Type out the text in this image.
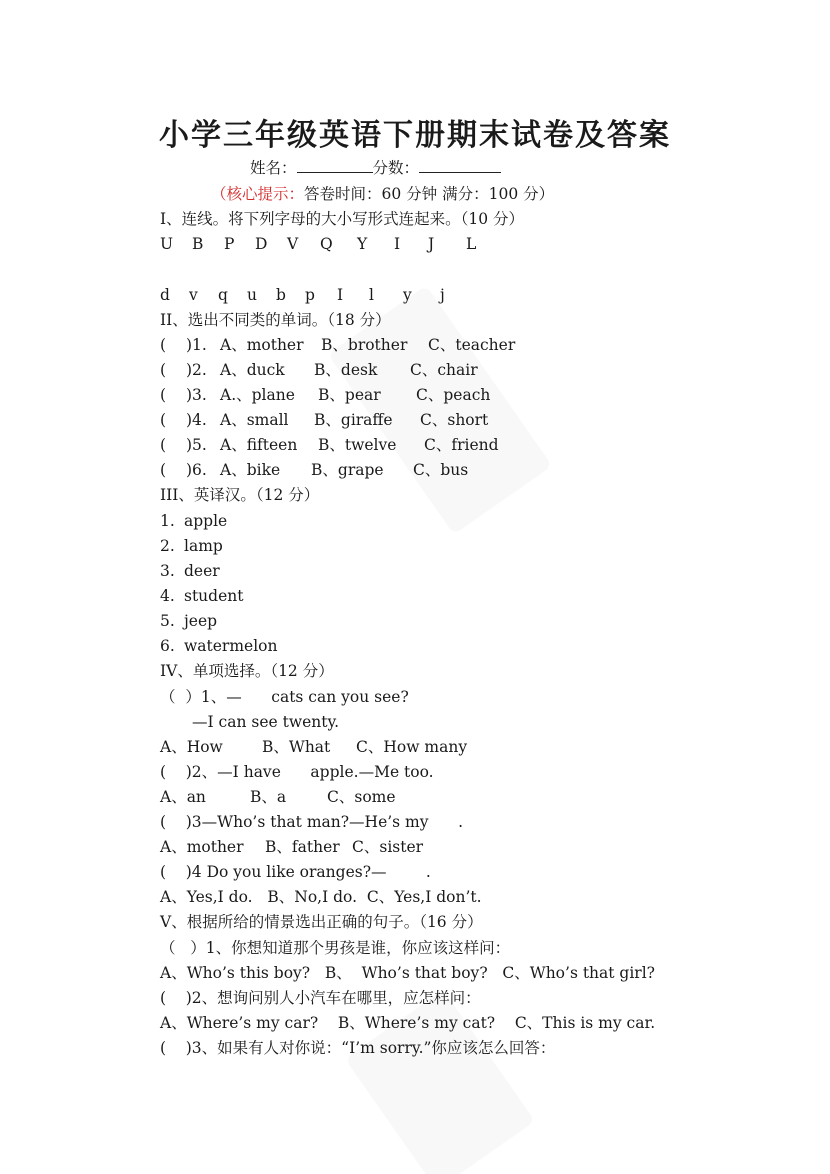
小学三年级英语下册期末试卷及答案
姓名：	分数：
（核心提示：答卷时间：60 分钟 满分：100 分）
I、连线。将下列字母的大小写形式连起来。（10 分）
U B P D V Q Y I J L
d v q u b p I l y j
II、选出不同类的单词。（18 分）
( )1. A、mother B、brother C、teacher
( )2. A、duck B、desk C、chair
( )3. A.、plane B、pear C、peach
( )4. A、small B、giraffe C、short
( )5. A、fifteen B、twelve C、friend
( )6. A、bike B、grape C、bus
III、英译汉。（12 分）
1. apple
2. lamp
3. deer
4. student
5. jeep
6. watermelon
IV、单项选择。（12 分）
（  ）1、—      cats can you see?
—I can see twenty.
A、How	B、What C、How many
(    )2、—I have      apple.—Me too.
A、an	B、a	C、some
(    )3—Who’s that man?—He’s my      .
A、mother B、father C、sister
(    )4 Do you like oranges?—        .
A、Yes,I do.   B、No,I do.  C、Yes,I don’t.
V、根据所给的情景选出正确的句子。（16 分）
（   ）1、你想知道那个男孩是谁，你应该这样问：
A、Who’s this boy?   B、  Who’s that boy?   C、Who’s that girl?
(    )2、想询问别人小汽车在哪里，应怎样问：
A、Where’s my car?    B、Where’s my cat?    C、This is my car.
(    )3、如果有人对你说：“I’m sorry.”你应该怎么回答：
